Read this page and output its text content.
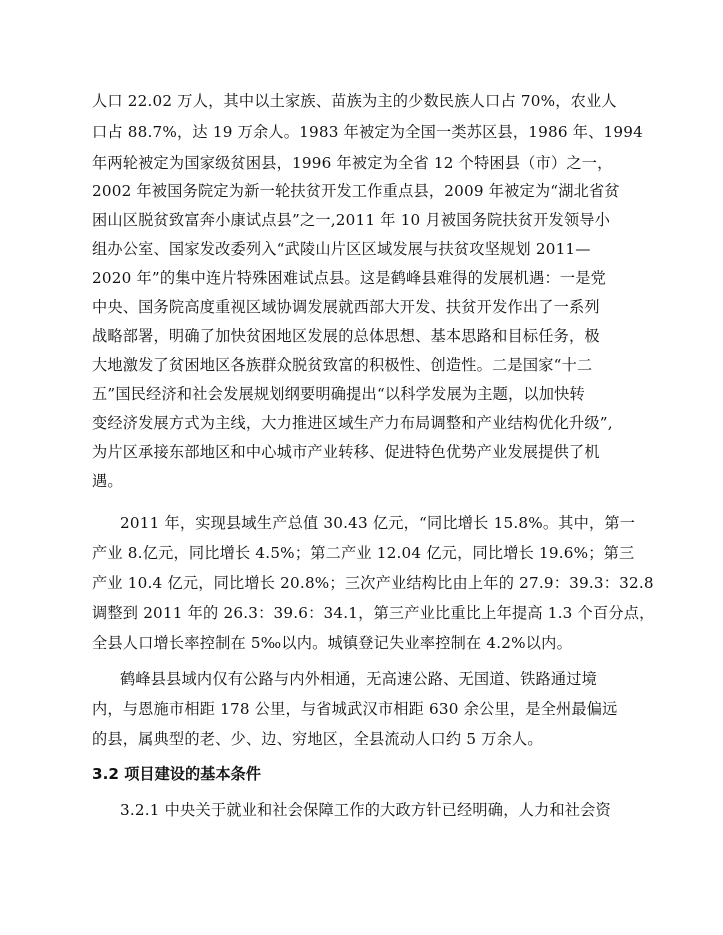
人口 22.02 万人，其中以土家族、苗族为主的少数民族人口占 70%，农业人
口占 88.7%，达 19 万余人。1983 年被定为全国一类苏区县，1986 年、1994
年两轮被定为国家级贫困县，1996 年被定为全省 12 个特困县（市）之一，
2002 年被国务院定为新一轮扶贫开发工作重点县，2009 年被定为“湖北省贫
困山区脱贫致富奔小康试点县”之一,2011 年 10 月被国务院扶贫开发领导小
组办公室、国家发改委列入“武陵山片区区域发展与扶贫攻坚规划 2011—
2020 年”的集中连片特殊困难试点县。这是鹤峰县难得的发展机遇：一是党
中央、国务院高度重视区域协调发展就西部大开发、扶贫开发作出了一系列
战略部署，明确了加快贫困地区发展的总体思想、基本思路和目标任务，极
大地激发了贫困地区各族群众脱贫致富的积极性、创造性。二是国家“十二
五”国民经济和社会发展规划纲要明确提出“以科学发展为主题，以加快转
变经济发展方式为主线，大力推进区域生产力布局调整和产业结构优化升级”,
为片区承接东部地区和中心城市产业转移、促进特色优势产业发展提供了机
遇。
2011 年，实现县域生产总值 30.43 亿元，“同比增长 15.8%。其中，第一
产业 8.亿元，同比增长 4.5%；第二产业 12.04 亿元，同比增长 19.6%；第三
产业 10.4 亿元，同比增长 20.8%；三次产业结构比由上年的 27.9：39.3：32.8
调整到 2011 年的 26.3：39.6：34.1，第三产业比重比上年提高 1.3 个百分点，
全县人口增长率控制在 5‰以内。城镇登记失业率控制在 4.2%以内。
鹤峰县县域内仅有公路与内外相通，无高速公路、无国道、铁路通过境
内，与恩施市相距 178 公里，与省城武汉市相距 630 余公里，是全州最偏远
的县，属典型的老、少、边、穷地区，全县流动人口约 5 万余人。
3.2 项目建设的基本条件
3.2.1 中央关于就业和社会保障工作的大政方针已经明确，人力和社会资
